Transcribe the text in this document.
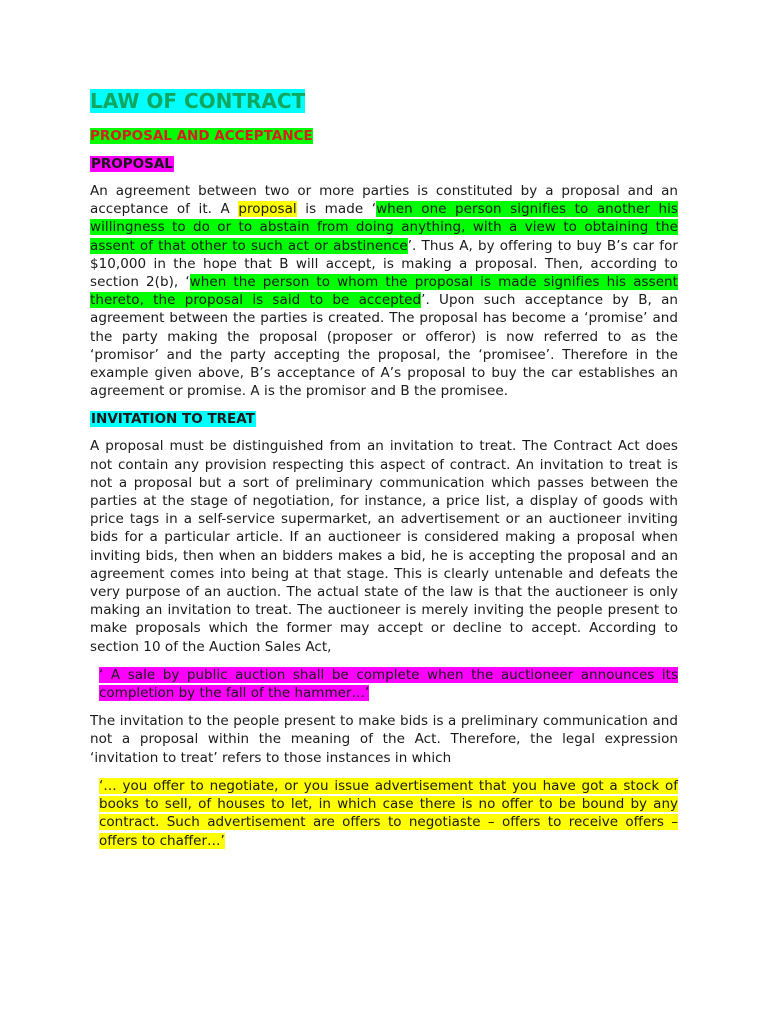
LAW OF CONTRACT
PROPOSAL AND ACCEPTANCE
PROPOSAL

An agreement between two or more parties is constituted by a proposal and an acceptance of it. A proposal is made ‘when one person signifies to another his willingness to do or to abstain from doing anything, with a view to obtaining the assent of that other to such act or abstinence’. Thus A, by offering to buy B’s car for $10,000 in the hope that B will accept, is making a proposal. Then, according to section 2(b), ‘when the person to whom the proposal is made signifies his assent thereto, the proposal is said to be accepted’. Upon such acceptance by B, an agreement between the parties is created. The proposal has become a ‘promise’ and the party making the proposal (proposer or offeror) is now referred to as the ‘promisor’ and the party accepting the proposal, the ‘promisee’. Therefore in the example given above, B’s acceptance of A’s proposal to buy the car establishes an agreement or promise. A is the promisor and B the promisee.

INVITATION TO TREAT

A proposal must be distinguished from an invitation to treat. The Contract Act does not contain any provision respecting this aspect of contract. An invitation to treat is not a proposal but a sort of preliminary communication which passes between the parties at the stage of negotiation, for instance, a price list, a display of goods with price tags in a self-service supermarket, an advertisement or an auctioneer inviting bids for a particular article. If an auctioneer is considered making a proposal when inviting bids, then when an bidders makes a bid, he is accepting the proposal and an agreement comes into being at that stage. This is clearly untenable and defeats the very purpose of an auction. The actual state of the law is that the auctioneer is only making an invitation to treat. The auctioneer is merely inviting the people present to make proposals which the former may accept or decline to accept. According to section 10 of the Auction Sales Act,

‘ A sale by public auction shall be complete when the auctioneer announces its completion by the fall of the hammer…’

The invitation to the people present to make bids is a preliminary communication and not a proposal within the meaning of the Act. Therefore, the legal expression ‘invitation to treat’ refers to those instances in which

‘… you offer to negotiate, or you issue advertisement that you have got a stock of books to sell, of houses to let, in which case there is no offer to be bound by any contract. Such advertisement are offers to negotiaste – offers to receive offers – offers to chaffer…’
